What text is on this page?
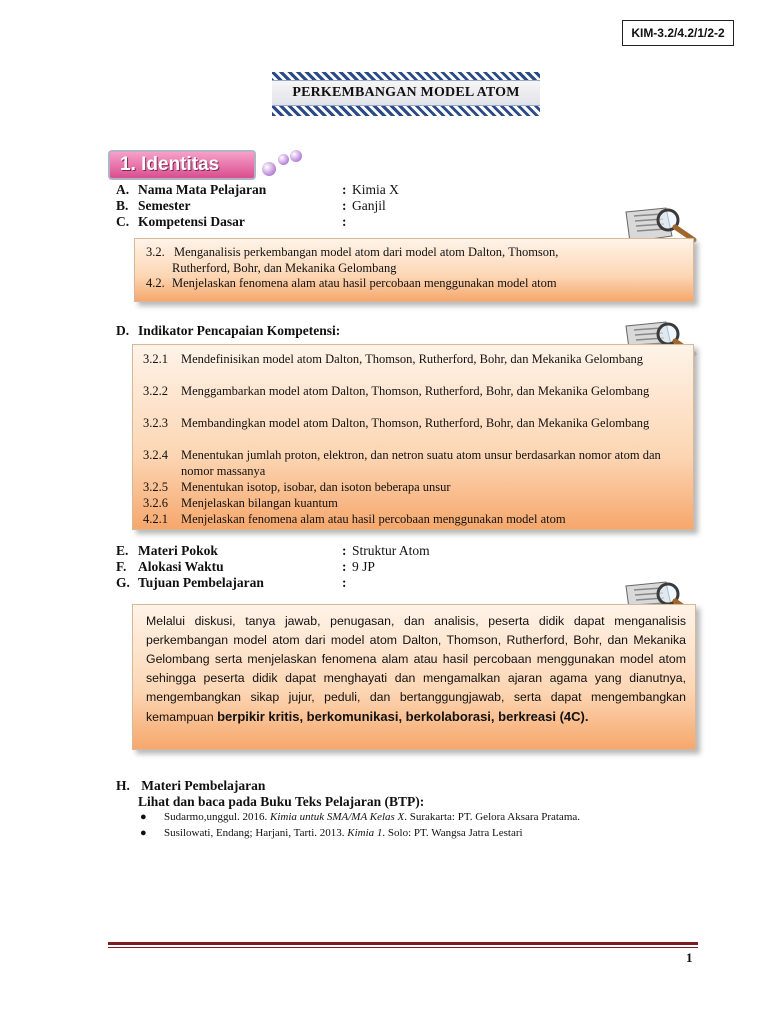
KIM-3.2/4.2/1/2-2
PERKEMBANGAN MODEL ATOM
1. Identitas
A. Nama Mata Pelajaran	: Kimia X
B. Semester	: Ganjil
C. Kompetensi Dasar	:
3.2. Menganalisis perkembangan model atom dari model atom Dalton, Thomson,
Rutherford, Bohr, dan Mekanika Gelombang
4.2. Menjelaskan fenomena alam atau hasil percobaan menggunakan model atom
D. Indikator Pencapaian Kompetensi:
3.2.1 Mendefinisikan model atom Dalton, Thomson, Rutherford, Bohr, dan Mekanika Gelombang
3.2.2 Menggambarkan model atom Dalton, Thomson, Rutherford, Bohr, dan Mekanika Gelombang
3.2.3 Membandingkan model atom Dalton, Thomson, Rutherford, Bohr, dan Mekanika Gelombang
3.2.4 Menentukan jumlah proton, elektron, dan netron suatu atom unsur berdasarkan nomor atom dan nomor massanya
3.2.5 Menentukan isotop, isobar, dan isoton beberapa unsur
3.2.6 Menjelaskan bilangan kuantum
4.2.1 Menjelaskan fenomena alam atau hasil percobaan menggunakan model atom
E. Materi Pokok	: Struktur Atom
F. Alokasi Waktu	: 9 JP
G. Tujuan Pembelajaran	:
Melalui diskusi, tanya jawab, penugasan, dan analisis, peserta didik dapat menganalisis perkembangan model atom dari model atom Dalton, Thomson, Rutherford, Bohr, dan Mekanika Gelombang serta menjelaskan fenomena alam atau hasil percobaan menggunakan model atom sehingga peserta didik dapat menghayati dan mengamalkan ajaran agama yang dianutnya, mengembangkan sikap jujur, peduli, dan bertanggungjawab, serta dapat mengembangkan kemampuan berpikir kritis, berkomunikasi, berkolaborasi, berkreasi (4C).
H. Materi Pembelajaran
Lihat dan baca pada Buku Teks Pelajaran (BTP):
● Sudarmo,unggul. 2016. Kimia untuk SMA/MA Kelas X. Surakarta: PT. Gelora Aksara Pratama.
● Susilowati, Endang; Harjani, Tarti. 2013. Kimia 1. Solo: PT. Wangsa Jatra Lestari
1
